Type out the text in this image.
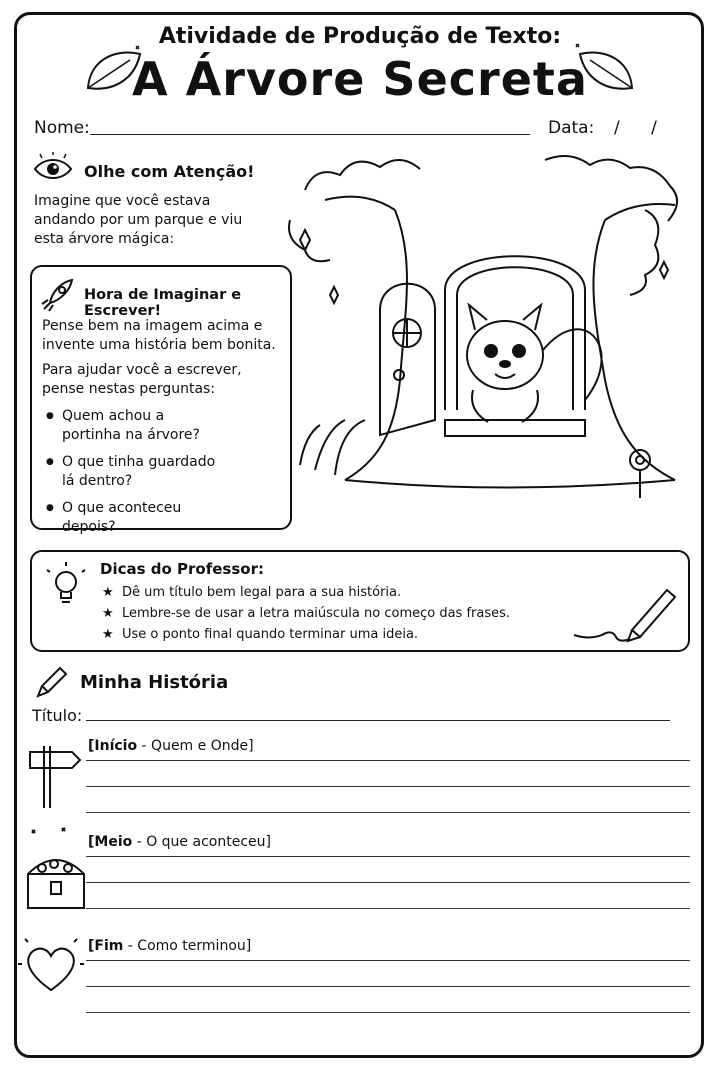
Atividade de Produção de Texto:
A Árvore Secreta
Nome:	Data: / /
Olhe com Atenção!
Imagine que você estava andando por um parque e viu esta árvore mágica:
Hora de Imaginar e Escrever!
Pense bem na imagem acima e invente uma história bem bonita.
Para ajudar você a escrever, pense nestas perguntas:
● Quem achou a portinha na árvore?
● O que tinha guardado lá dentro?
● O que aconteceu depois?
Dicas do Professor:
★ Dê um título bem legal para a sua história.
★ Lembre-se de usar a letra maiúscula no começo das frases.
★ Use o ponto final quando terminar uma ideia.
Minha História
Título:
[Início - Quem e Onde]
[Meio - O que aconteceu]
[Fim - Como terminou]
